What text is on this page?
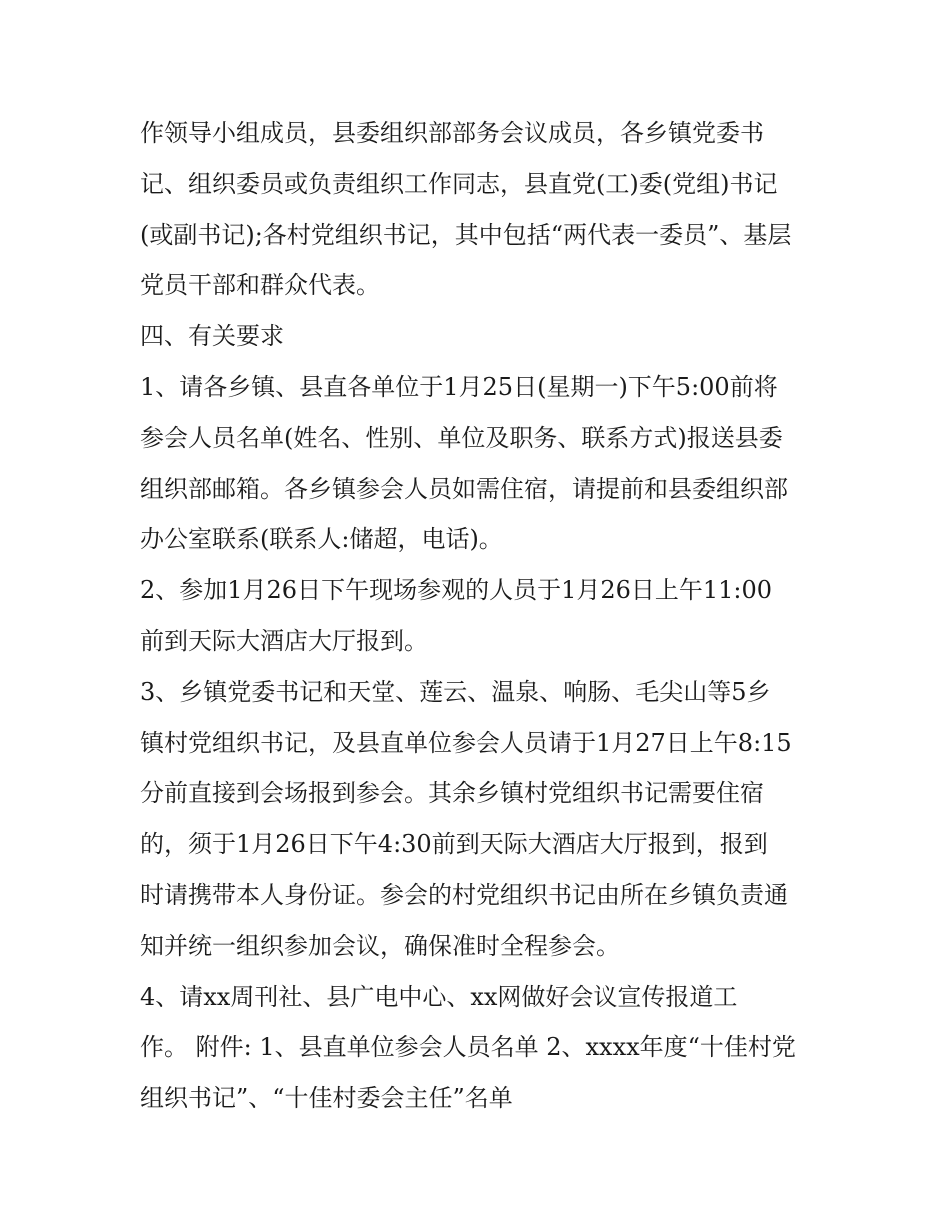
作领导小组成员，县委组织部部务会议成员，各乡镇党委书
记、组织委员或负责组织工作同志，县直党(工)委(党组)书记
(或副书记);各村党组织书记，其中包括“两代表一委员”、基层
党员干部和群众代表。
四、有关要求
1、请各乡镇、县直各单位于1月25日(星期一)下午5:00前将
参会人员名单(姓名、性别、单位及职务、联系方式)报送县委
组织部邮箱。各乡镇参会人员如需住宿，请提前和县委组织部
办公室联系(联系人:储超，电话)。
2、参加1月26日下午现场参观的人员于1月26日上午11:00
前到天际大酒店大厅报到。
3、乡镇党委书记和天堂、莲云、温泉、响肠、毛尖山等5乡
镇村党组织书记，及县直单位参会人员请于1月27日上午8:15
分前直接到会场报到参会。其余乡镇村党组织书记需要住宿
的，须于1月26日下午4:30前到天际大酒店大厅报到，报到
时请携带本人身份证。参会的村党组织书记由所在乡镇负责通
知并统一组织参加会议，确保准时全程参会。
4、请xx周刊社、县广电中心、xx网做好会议宣传报道工
作。 附件: 1、县直单位参会人员名单 2、xxxx年度“十佳村党
组织书记”、“十佳村委会主任”名单
